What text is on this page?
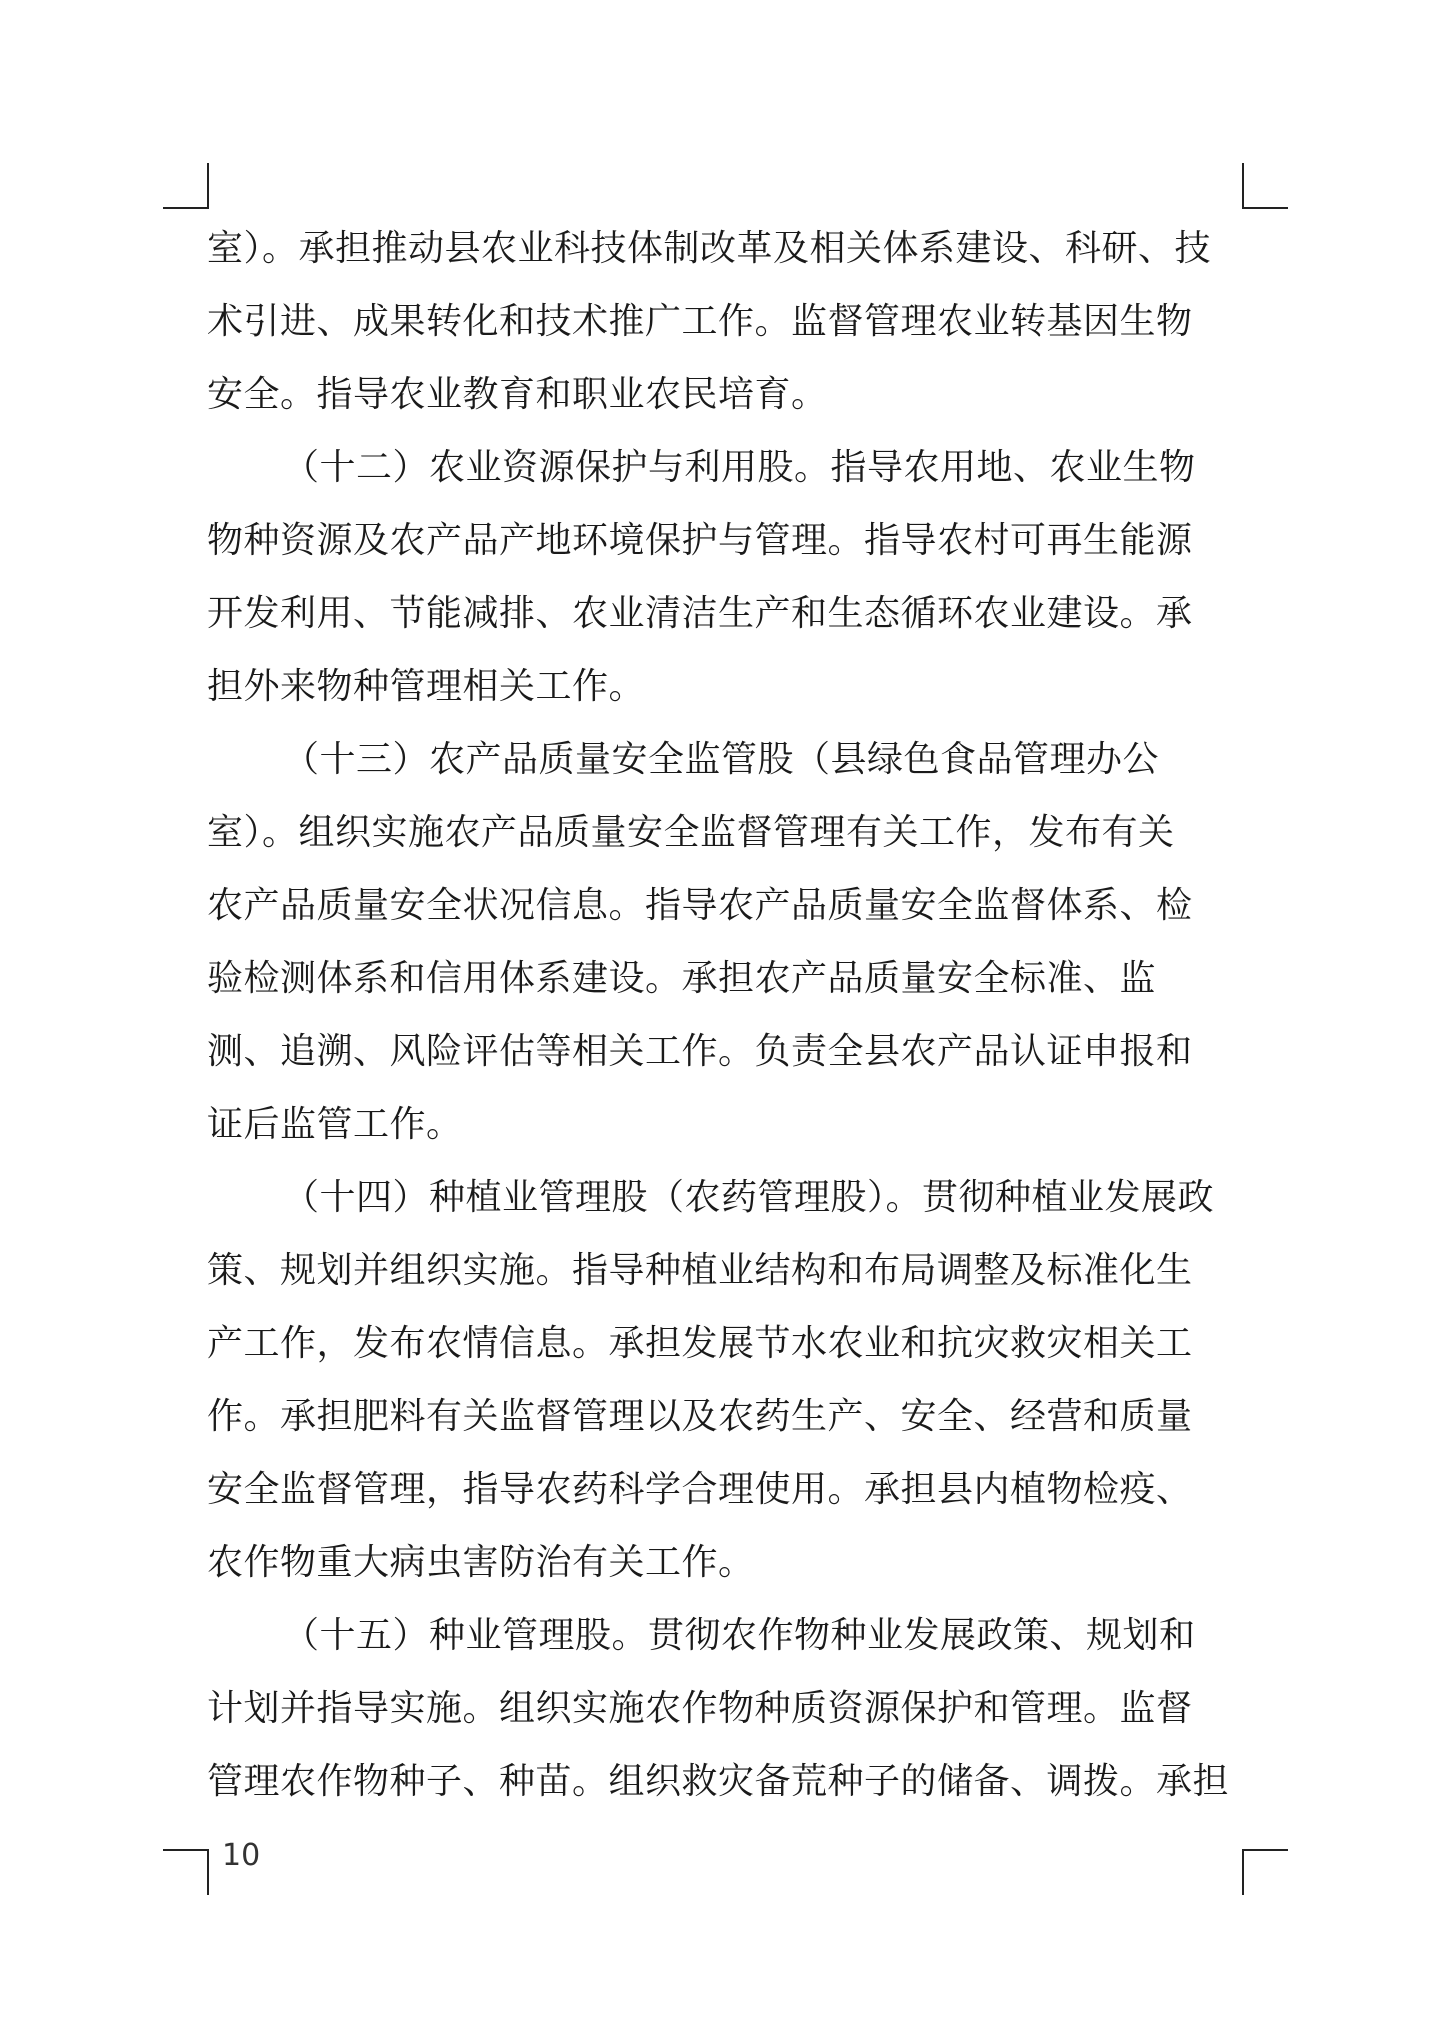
室）。承担推动县农业科技体制改革及相关体系建设、科研、技
术引进、成果转化和技术推广工作。监督管理农业转基因生物
安全。指导农业教育和职业农民培育。
（十二）农业资源保护与利用股。指导农用地、农业生物
物种资源及农产品产地环境保护与管理。指导农村可再生能源
开发利用、节能减排、农业清洁生产和生态循环农业建设。承
担外来物种管理相关工作。
（十三）农产品质量安全监管股（县绿色食品管理办公
室）。组织实施农产品质量安全监督管理有关工作，发布有关
农产品质量安全状况信息。指导农产品质量安全监督体系、检
验检测体系和信用体系建设。承担农产品质量安全标准、监
测、追溯、风险评估等相关工作。负责全县农产品认证申报和
证后监管工作。
（十四）种植业管理股（农药管理股）。贯彻种植业发展政
策、规划并组织实施。指导种植业结构和布局调整及标准化生
产工作，发布农情信息。承担发展节水农业和抗灾救灾相关工
作。承担肥料有关监督管理以及农药生产、安全、经营和质量
安全监督管理，指导农药科学合理使用。承担县内植物检疫、
农作物重大病虫害防治有关工作。
（十五）种业管理股。贯彻农作物种业发展政策、规划和
计划并指导实施。组织实施农作物种质资源保护和管理。监督
管理农作物种子、种苗。组织救灾备荒种子的储备、调拨。承担
10
